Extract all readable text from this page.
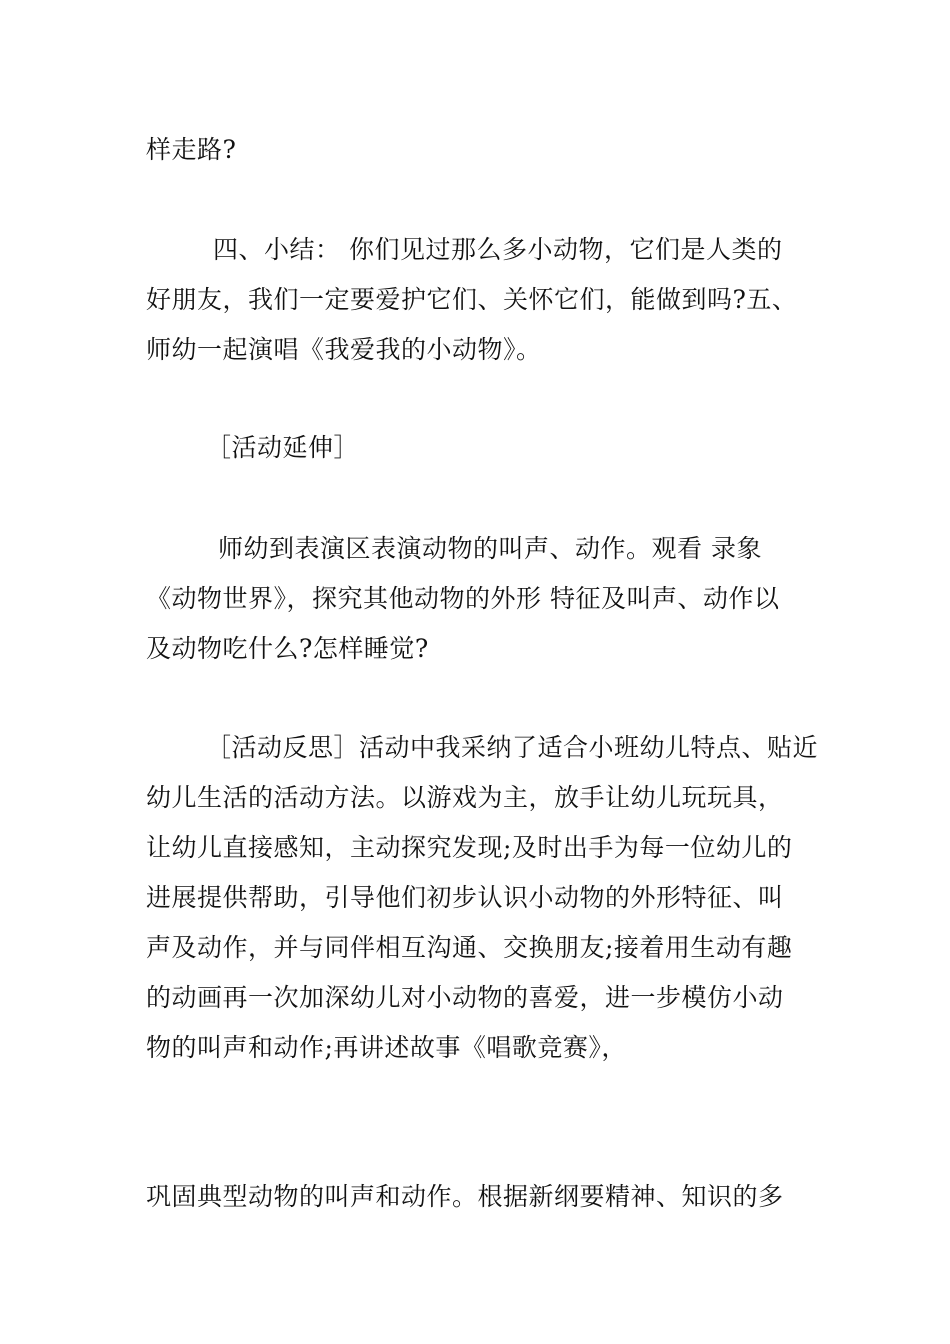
样走路?
四、小结： 你们见过那么多小动物，它们是人类的
好朋友，我们一定要爱护它们、关怀它们，能做到吗?五、
师幼一起演唱《我爱我的小动物》。
［活动延伸］
师幼到表演区表演动物的叫声、动作。观看 录象
《动物世界》，探究其他动物的外形 特征及叫声、动作以
及动物吃什么?怎样睡觉?
［活动反思］活动中我采纳了适合小班幼儿特点、贴近
幼儿生活的活动方法。以游戏为主，放手让幼儿玩玩具，
让幼儿直接感知，主动探究发现;及时出手为每一位幼儿的
进展提供帮助，引导他们初步认识小动物的外形特征、叫
声及动作，并与同伴相互沟通、交换朋友;接着用生动有趣
的动画再一次加深幼儿对小动物的喜爱，进一步模仿小动
物的叫声和动作;再讲述故事《唱歌竞赛》，
巩固典型动物的叫声和动作。根据新纲要精神、知识的多
